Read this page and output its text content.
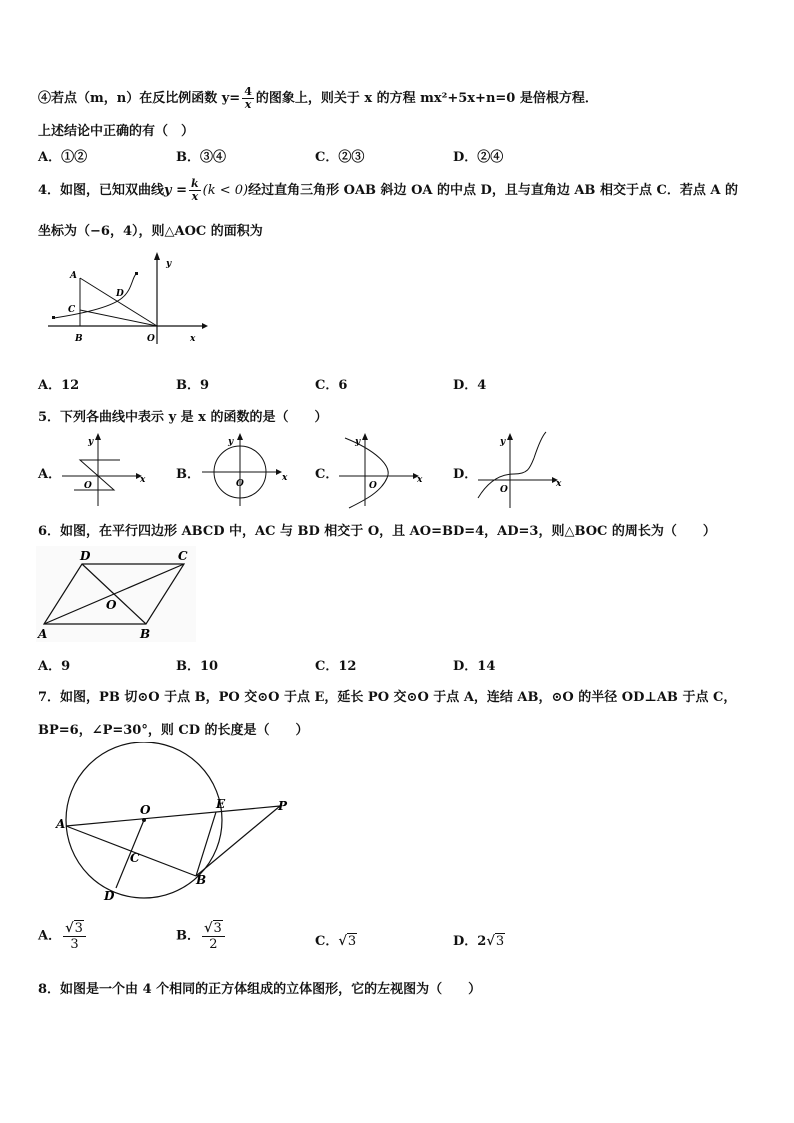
④若点（m，n）在反比例函数 $y= \frac{4}{x}$ 的图象上，则关于 x 的方程 mx²+5x+n=0 是倍根方程．
上述结论中正确的有（　）
A．①②	B．③④	C．②③	D．②④
4．如图，已知双曲线$y = \frac{k}{x} (k < 0)$经过直角三角形 OAB 斜边 OA 的中点 D，且与直角边 AB 相交于点 C．若点 A 的
坐标为（−6，4），则△AOC 的面积为
A
C
D
B	O	x
y
A．12	B．9	C．6	D．4
5．下列各曲线中表示 y 是 x 的函数的是（　　）
A．
y
x
O
B．
y
x
O
C．
y
x
O
D．
y
x
O
6．如图，在平行四边形 ABCD 中，AC 与 BD 相交于 O，且 AO=BD=4，AD=3，则△BOC 的周长为（　　）
D	C
O
A	B
A．9	B．10	C．12	D．14
7．如图，PB 切⊙O 于点 B，PO 交⊙O 于点 E，延长 PO 交⊙O 于点 A，连结 AB，⊙O 的半径 OD⊥AB 于点 C，
BP=6，∠P=30°，则 CD 的长度是（　　）
O
A
E	P
C
B
D
A． $\frac{√3}{3}$	B． $\frac{√3}{2}$	C．√3	D．2√3
8．如图是一个由 4 个相同的正方体组成的立体图形，它的左视图为（　　）
